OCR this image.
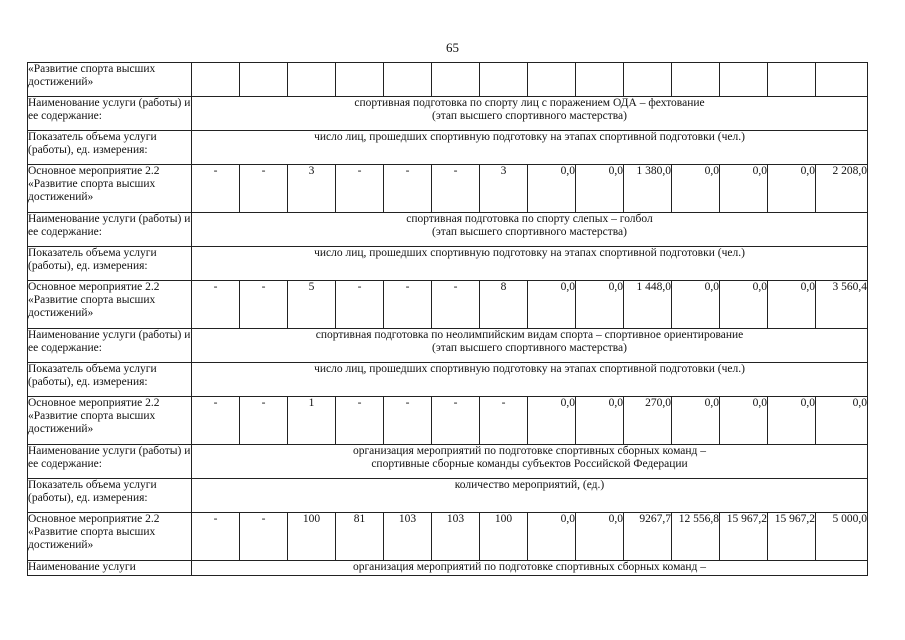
65
«Развитие спорта высших достижений»														
Наименование услуги (работы) и ее содержание:	спортивная подготовка по спорту лиц с поражением ОДА – фехтование
(этап высшего спортивного мастерства)													

Показатель объема услуги (работы), ед. измерения:	число лиц, прошедших спортивную подготовку на этапах спортивной подготовки (чел.)													
Основное мероприятие 2.2 «Развитие спорта высших достижений»	-	-	3	-	-	-	3	0,0	0,0	1 380,0	0,0	0,0	0,0	2 208,0
Наименование услуги (работы) и ее содержание:	спортивная подготовка по спорту слепых – голбол
(этап высшего спортивного мастерства)													

Показатель объема услуги (работы), ед. измерения:	число лиц, прошедших спортивную подготовку на этапах спортивной подготовки (чел.)													
Основное мероприятие 2.2 «Развитие спорта высших достижений»	-	-	5	-	-	-	8	0,0	0,0	1 448,0	0,0	0,0	0,0	3 560,4
Наименование услуги (работы) и ее содержание:	спортивная подготовка по неолимпийским видам спорта – спортивное ориентирование
(этап высшего спортивного мастерства)													

Показатель объема услуги (работы), ед. измерения:	число лиц, прошедших спортивную подготовку на этапах спортивной подготовки (чел.)													
Основное мероприятие 2.2 «Развитие спорта высших достижений»	-	-	1	-	-	-	-	0,0	0,0	270,0	0,0	0,0	0,0	0,0
Наименование услуги (работы) и ее содержание:	организация мероприятий по подготовке спортивных сборных команд –
спортивные сборные команды субъектов Российской Федерации													

Показатель объема услуги (работы), ед. измерения:	количество мероприятий, (ед.)													
Основное мероприятие 2.2 «Развитие спорта высших достижений»	-	-	100	81	103	103	100	0,0	0,0	9267,7	12 556,8	15 967,2	15 967,2	5 000,0
Наименование услуги	организация мероприятий по подготовке спортивных сборных команд –													
